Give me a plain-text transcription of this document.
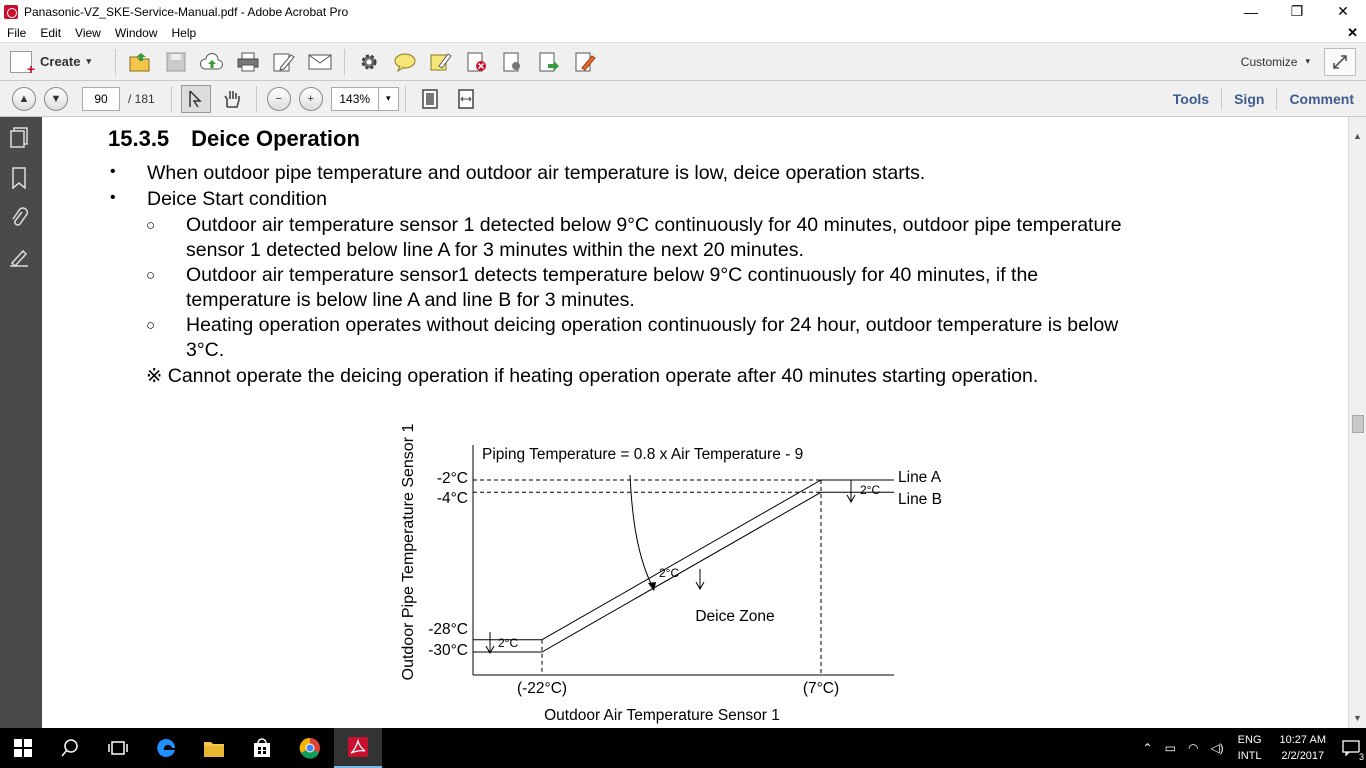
Panasonic-VZ_SKE-Service-Manual.pdf - Adobe Acrobat Pro	—	❐	✕
File	Edit	View	Window	Help	✕
+
Create ▾	Customize ▾
▲ ▼
90	/ 181	− +	143%	▾	Tools	Sign	Comment
15.3.5 Deice Operation
• When outdoor pipe temperature and outdoor air temperature is low, deice operation starts.
• Deice Start condition
○ Outdoor air temperature sensor 1 detected below 9°C continuously for 40 minutes, outdoor pipe temperature
sensor 1 detected below line A for 3 minutes within the next 20 minutes.
○ Outdoor air temperature sensor1 detects temperature below 9°C continuously for 40 minutes, if the
temperature is below line A and line B for 3 minutes.
○ Heating operation operates without deicing operation continuously for 24 hour, outdoor temperature is below
3°C.
※ Cannot operate the deicing operation if heating operation operate after 40 minutes starting operation.
Outdoor Pipe Temperature Sensor 1	Piping Temperature = 0.8 x Air Temperature - 9
-2°C
-4°C
-28°C
-30°C
(-22°C)	(7°C)
Outdoor Air Temperature Sensor 1
Line A
Line B
2°C
2°C
2°C
Deice Zone
▲
▼
⌃ ▭ ◠ ◁)
ENG
INTL
10:27 AM
2/2/2017	3
